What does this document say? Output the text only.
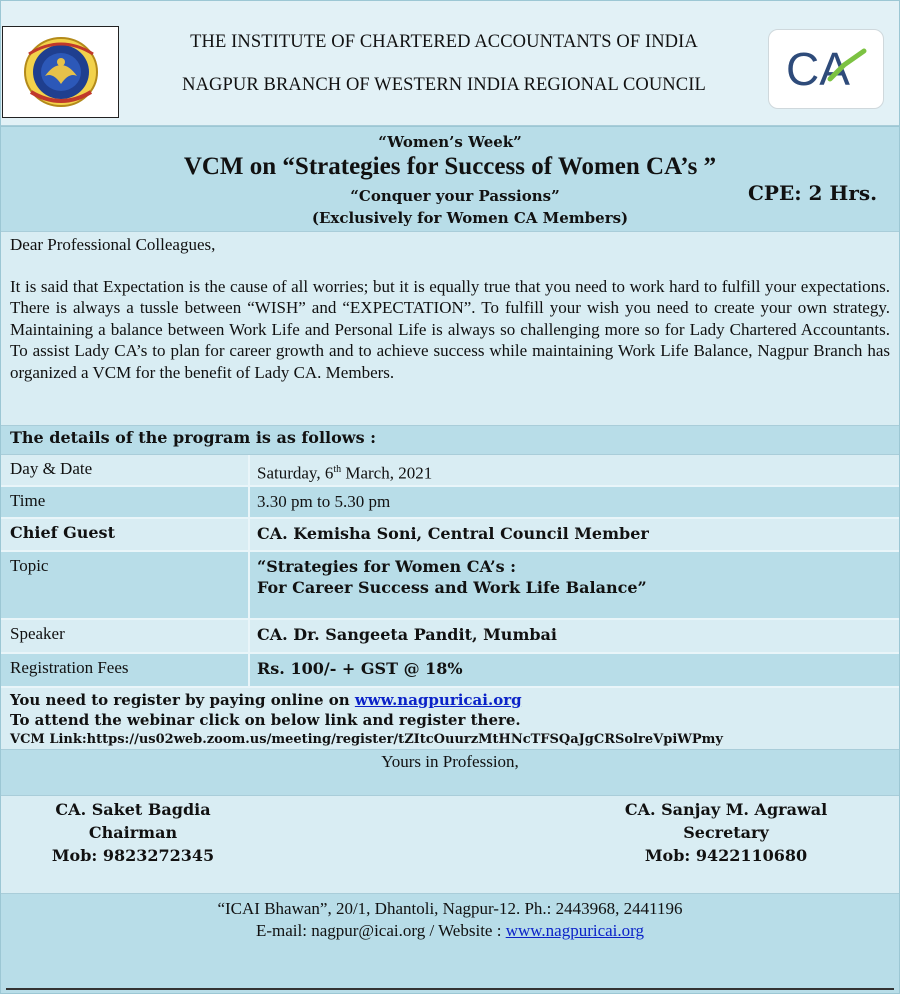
THE INSTITUTE OF CHARTERED ACCOUNTANTS OF INDIA
NAGPUR BRANCH OF WESTERN INDIA REGIONAL COUNCIL	CA
“Women’s Week”
VCM on “Strategies for Success of Women CA’s ”
“Conquer your Passions”
(Exclusively for Women CA Members)
CPE: 2 Hrs.

Dear Professional Colleagues,

It is said that Expectation is the cause of all worries; but it is equally true that you need to work hard to fulfill your expectations. There is always a tussle between “WISH” and “EXPECTATION”. To fulfill your wish you need to create your own strategy. Maintaining a balance between Work Life and Personal Life is always so challenging more so for Lady Chartered Accountants. To assist Lady CA’s to plan for career growth and to achieve success while maintaining Work Life Balance, Nagpur Branch has organized a VCM for the benefit of Lady CA. Members.

The details of the program is as follows :
Day & Date	Saturday, 6th March, 2021
Time	3.30 pm to 5.30 pm
Chief Guest	CA. Kemisha Soni, Central Council Member
Topic	“Strategies for Women CA’s :
For Career Success and Work Life Balance”
Speaker	CA. Dr. Sangeeta Pandit, Mumbai
Registration Fees	Rs. 100/- + GST @ 18%
You need to register by paying online on www.nagpuricai.org
To attend the webinar click on below link and register there.
VCM Link:https://us02web.zoom.us/meeting/register/tZItcOuurzMtHNcTFSQaJgCRSolreVpiWPmy
Yours in Profession,
CA. Saket Bagdia
Chairman
Mob: 9823272345
CA. Sanjay M. Agrawal
Secretary
Mob: 9422110680
“ICAI Bhawan”, 20/1, Dhantoli, Nagpur-12. Ph.: 2443968, 2441196
E-mail: nagpur@icai.org / Website : www.nagpuricai.org
